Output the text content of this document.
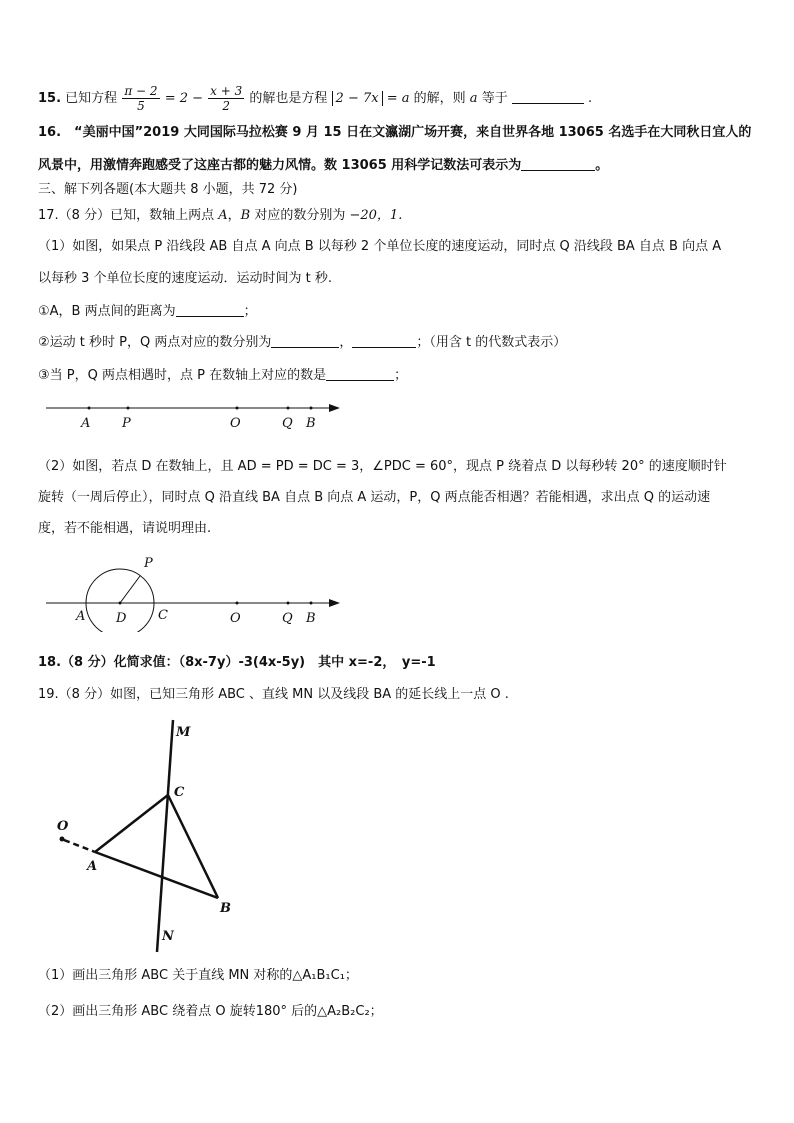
15. 已知方程 $\frac{\pi - 2}{5} = 2 - \frac{x + 3}{2}$ 的解也是方程 2 − 7x = a 的解，则 a 等于	.
16.　“美丽中国”2019 大同国际马拉松赛 9 月 15 日在文瀛湖广场开赛，来自世界各地 13065 名选手在大同秋日宜人的
风景中，用激情奔跑感受了这座古都的魅力风情。数 13065 用科学记数法可表示为	。
三、解下列各题(本大题共 8 小题，共 72 分)
17.（8 分）已知，数轴上两点 A，B 对应的数分别为 −20，1.
（1）如图，如果点 P 沿线段 AB 自点 A 向点 B 以每秒 2 个单位长度的速度运动，同时点 Q 沿线段 BA 自点 B 向点 A
以每秒 3 个单位长度的速度运动．运动时间为 t 秒.
①A，B 两点间的距离为	；
②运动 t 秒时 P，Q 两点对应的数分别为	，	；（用含 t 的代数式表示）
③当 P，Q 两点相遇时，点 P 在数轴上对应的数是	；
A P	O	Q B
（2）如图，若点 D 在数轴上，且 AD = PD = DC = 3，∠PDC = 60°，现点 P 绕着点 D 以每秒转 20° 的速度顺时针
旋转（一周后停止），同时点 Q 沿直线 BA 自点 B 向点 A 运动，P，Q 两点能否相遇？若能相遇，求出点 Q 的运动速
度，若不能相遇，请说明理由.
P
A D C	O	Q B
18.（8 分）化简求值：（8x-7y）-3(4x-5y)　其中 x=-2，　y=-1
19.（8 分）如图，已知三角形 ABC 、直线 MN 以及线段 BA 的延长线上一点 O .
M
C
O
A
B
N
（1）画出三角形 ABC 关于直线 MN 对称的△A₁B₁C₁；
（2）画出三角形 ABC 绕着点 O 旋转180° 后的△A₂B₂C₂；
